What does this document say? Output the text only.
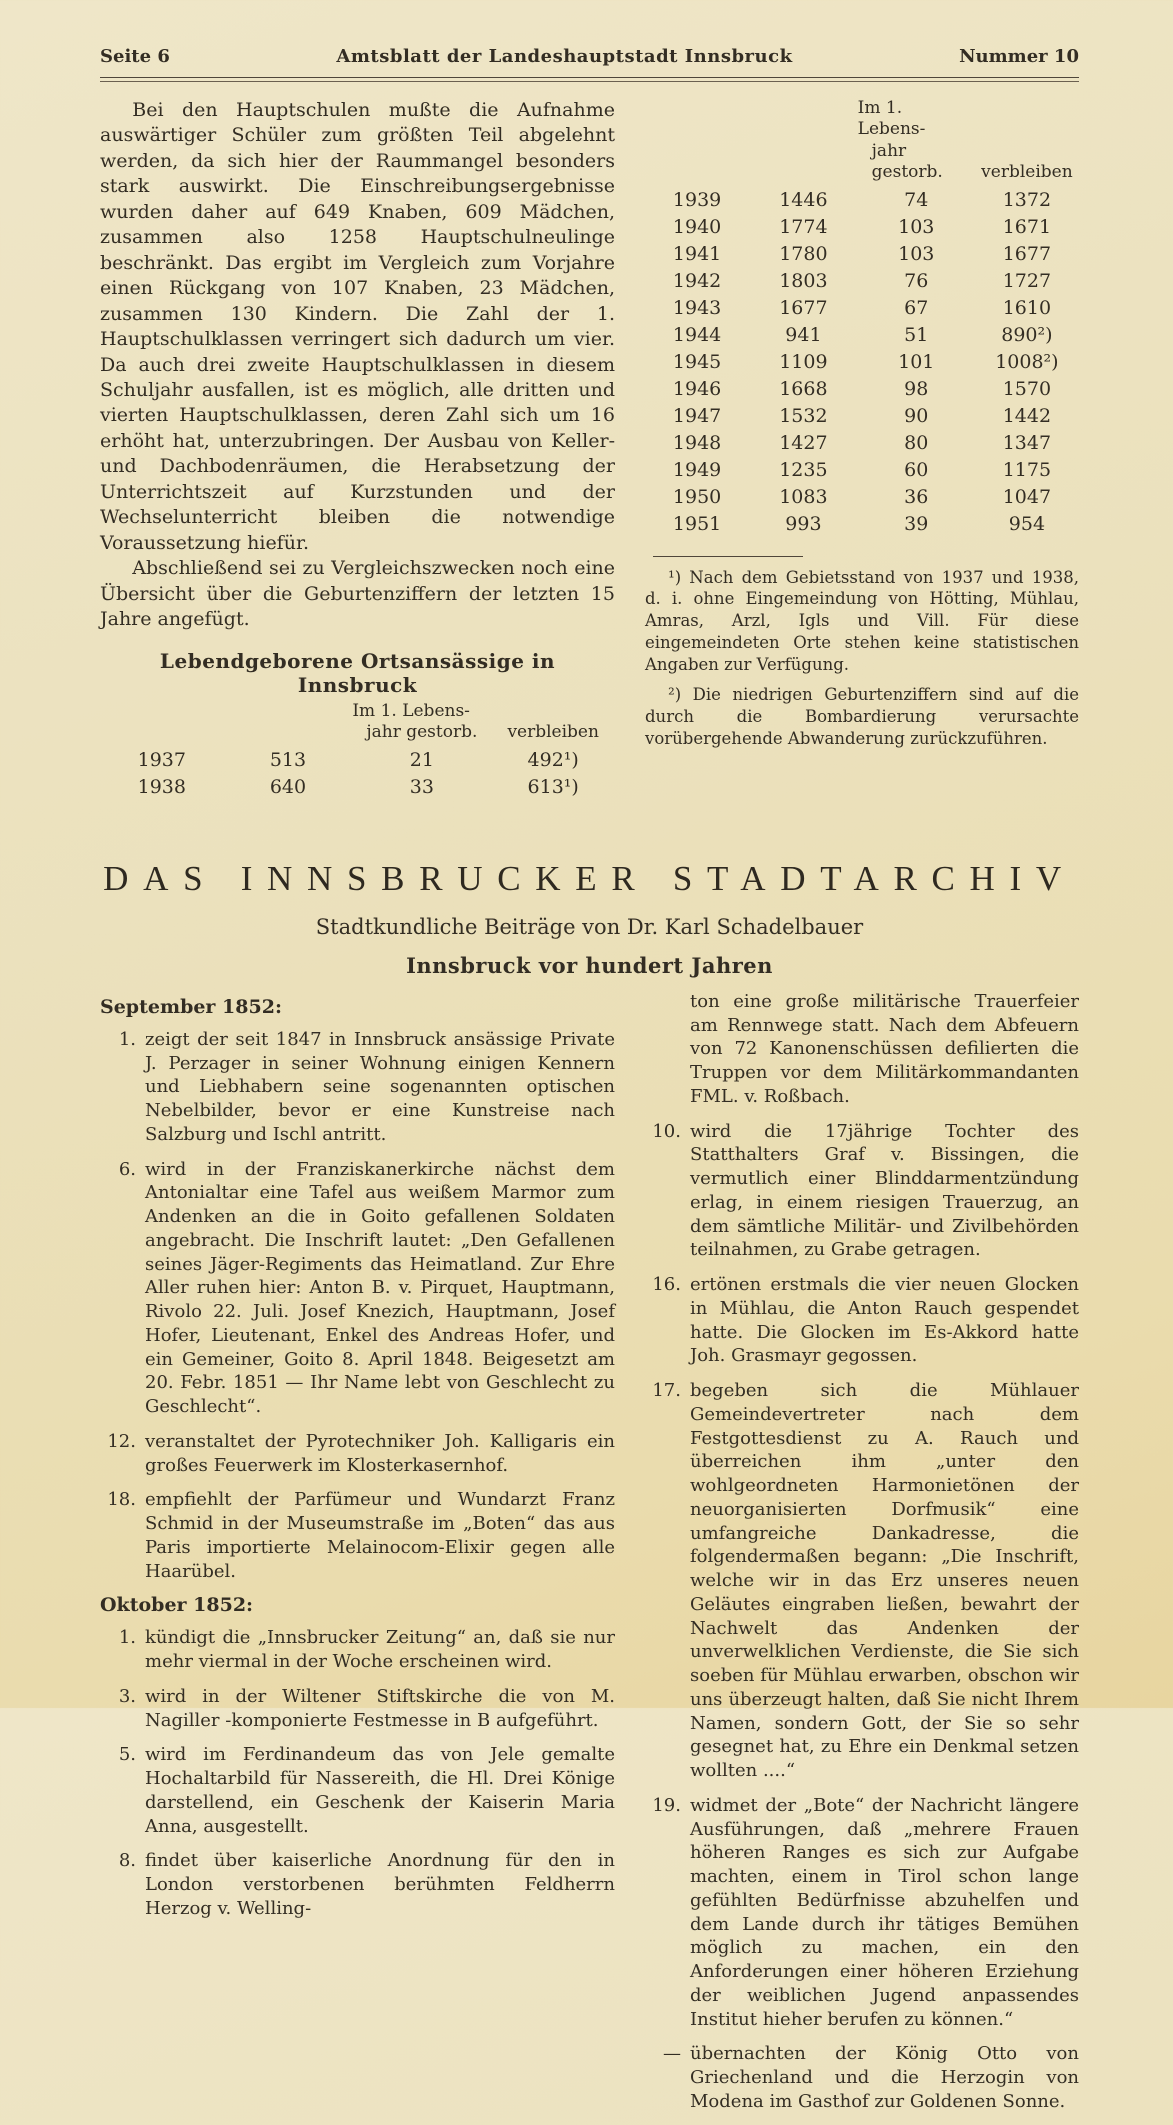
Seite 6	Amtsblatt der Landeshauptstadt Innsbruck	Nummer 10

Bei den Hauptschulen mußte die Aufnahme auswärtiger Schüler zum größten Teil abgelehnt werden, da sich hier der Raummangel besonders stark auswirkt. Die Einschreibungsergebnisse wurden daher auf 649 Knaben, 609 Mädchen, zusammen also 1258 Hauptschulneulinge beschränkt. Das ergibt im Vergleich zum Vorjahre einen Rückgang von 107 Knaben, 23 Mädchen, zusammen 130 Kindern. Die Zahl der 1. Hauptschulklassen verringert sich dadurch um vier. Da auch drei zweite Hauptschulklassen in diesem Schuljahr ausfallen, ist es möglich, alle dritten und vierten Hauptschulklassen, deren Zahl sich um 16 erhöht hat, unterzubringen. Der Ausbau von Keller- und Dachbodenräumen, die Herabsetzung der Unterrichtszeit auf Kurzstunden und der Wechselunterricht bleiben die notwendige Voraussetzung hiefür.

Abschließend sei zu Vergleichszwecken noch eine Übersicht über die Geburtenziffern der letzten 15 Jahre angefügt.

Lebendgeborene Ortsansässige in Innsbruck
Im 1. Lebens-
jahr gestorb.	verbleiben
1937	513	21	492¹)
1938	640	33	613¹)
Im 1. Lebens-
jahr gestorb.	verbleiben
1939	1446	74	1372
1940	1774	103	1671
1941	1780	103	1677
1942	1803	76	1727
1943	1677	67	1610
1944	941	51	890²)
1945	1109	101	1008²)
1946	1668	98	1570
1947	1532	90	1442
1948	1427	80	1347
1949	1235	60	1175
1950	1083	36	1047
1951	993	39	954

¹) Nach dem Gebietsstand von 1937 und 1938, d. i. ohne Eingemeindung von Hötting, Mühlau, Amras, Arzl, Igls und Vill. Für diese eingemeindeten Orte stehen keine statistischen Angaben zur Verfügung.

²) Die niedrigen Geburtenziffern sind auf die durch die Bombardierung verursachte vorübergehende Abwanderung zurückzuführen.

DAS INNSBRUCKER STADTARCHIV
Stadtkundliche Beiträge von Dr. Karl Schadelbauer
Innsbruck vor hundert Jahren
September 1852:
1. zeigt der seit 1847 in Innsbruck ansässige Private J. Perzager in seiner Wohnung einigen Kennern und Liebhabern seine sogenannten optischen Nebelbilder, bevor er eine Kunstreise nach Salzburg und Ischl antritt.
6. wird in der Franziskanerkirche nächst dem Antonialtar eine Tafel aus weißem Marmor zum Andenken an die in Goito gefallenen Soldaten angebracht. Die Inschrift lautet: „Den Gefallenen seines Jäger-Regiments das Heimatland. Zur Ehre Aller ruhen hier: Anton B. v. Pirquet, Hauptmann, Rivolo 22. Juli. Josef Knezich, Hauptmann, Josef Hofer, Lieutenant, Enkel des Andreas Hofer, und ein Gemeiner, Goito 8. April 1848. Beigesetzt am 20. Febr. 1851 — Ihr Name lebt von Geschlecht zu Geschlecht“.
12. veranstaltet der Pyrotechniker Joh. Kalligaris ein großes Feuerwerk im Klosterkasernhof.
18. empfiehlt der Parfümeur und Wundarzt Franz Schmid in der Museumstraße im „Boten“ das aus Paris importierte Melainocom-Elixir gegen alle Haarübel.
Oktober 1852:
1. kündigt die „Innsbrucker Zeitung“ an, daß sie nur mehr viermal in der Woche erscheinen wird.
3. wird in der Wiltener Stiftskirche die von M. Nagiller -komponierte Festmesse in B aufgeführt.
5. wird im Ferdinandeum das von Jele gemalte Hochaltarbild für Nassereith, die Hl. Drei Könige darstellend, ein Geschenk der Kaiserin Maria Anna, ausgestellt.
8. findet über kaiserliche Anordnung für den in London verstorbenen berühmten Feldherrn Herzog v. Welling-
ton eine große militärische Trauerfeier am Rennwege statt. Nach dem Abfeuern von 72 Kanonenschüssen defilierten die Truppen vor dem Militärkommandanten FML. v. Roßbach.
10. wird die 17jährige Tochter des Statthalters Graf v. Bissingen, die vermutlich einer Blinddarmentzündung erlag, in einem riesigen Trauerzug, an dem sämtliche Militär- und Zivilbehörden teilnahmen, zu Grabe getragen.
16. ertönen erstmals die vier neuen Glocken in Mühlau, die Anton Rauch gespendet hatte. Die Glocken im Es-Akkord hatte Joh. Grasmayr gegossen.
17. begeben sich die Mühlauer Gemeindevertreter nach dem Festgottesdienst zu A. Rauch und überreichen ihm „unter den wohlgeordneten Harmonietönen der neuorganisierten Dorfmusik“ eine umfangreiche Dankadresse, die folgendermaßen begann: „Die Inschrift, welche wir in das Erz unseres neuen Geläutes eingraben ließen, bewahrt der Nachwelt das Andenken der unverwelklichen Verdienste, die Sie sich soeben für Mühlau erwarben, obschon wir uns überzeugt halten, daß Sie nicht Ihrem Namen, sondern Gott, der Sie so sehr gesegnet hat, zu Ehre ein Denkmal setzen wollten ....“
19. widmet der „Bote“ der Nachricht längere Ausführungen, daß „mehrere Frauen höheren Ranges es sich zur Aufgabe machten, einem in Tirol schon lange gefühlten Bedürfnisse abzuhelfen und dem Lande durch ihr tätiges Bemühen möglich zu machen, ein den Anforderungen einer höheren Erziehung der weiblichen Jugend anpassendes Institut hieher berufen zu können.“
— übernachten der König Otto von Griechenland und die Herzogin von Modena im Gasthof zur Goldenen Sonne.
